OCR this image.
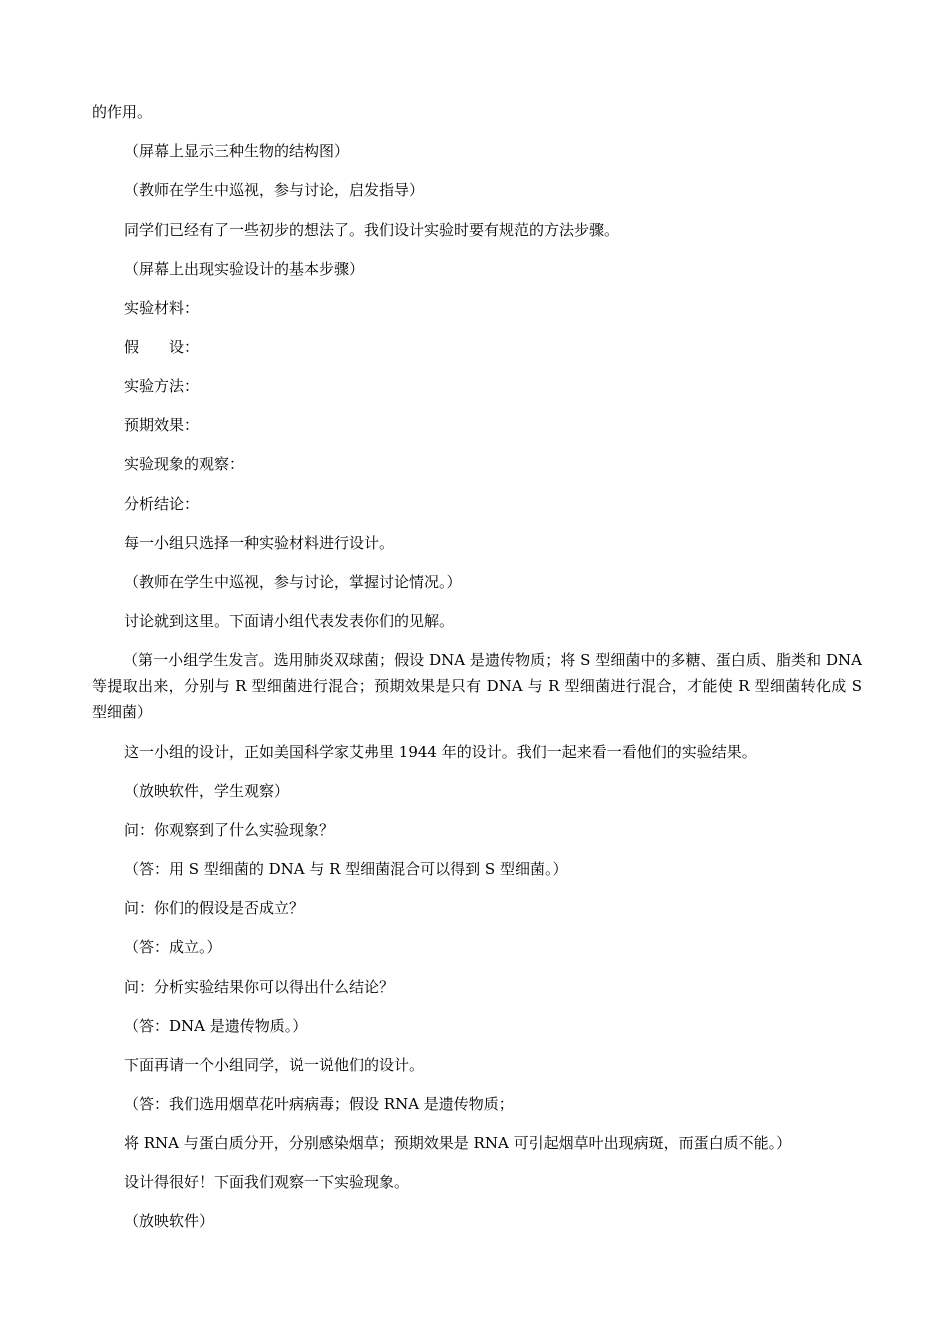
的作用。
（屏幕上显示三种生物的结构图）
（教师在学生中巡视，参与讨论，启发指导）
同学们已经有了一些初步的想法了。我们设计实验时要有规范的方法步骤。
（屏幕上出现实验设计的基本步骤）
实验材料：
假　　设：
实验方法：
预期效果：
实验现象的观察：
分析结论：
每一小组只选择一种实验材料进行设计。
（教师在学生中巡视，参与讨论，掌握讨论情况。）
讨论就到这里。下面请小组代表发表你们的见解。
（第一小组学生发言。选用肺炎双球菌；假设 DNA 是遗传物质；将 S 型细菌中的多糖、蛋白质、脂类和 DNA 等提取出来，分别与 R 型细菌进行混合；预期效果是只有 DNA 与 R 型细菌进行混合，才能使 R 型细菌转化成 S 型细菌）
这一小组的设计，正如美国科学家艾弗里 1944 年的设计。我们一起来看一看他们的实验结果。
（放映软件，学生观察）
问：你观察到了什么实验现象？
（答：用 S 型细菌的 DNA 与 R 型细菌混合可以得到 S 型细菌。）
问：你们的假设是否成立？
（答：成立。）
问：分析实验结果你可以得出什么结论？
（答：DNA 是遗传物质。）
下面再请一个小组同学，说一说他们的设计。
（答：我们选用烟草花叶病病毒；假设 RNA 是遗传物质；
将 RNA 与蛋白质分开，分别感染烟草；预期效果是 RNA 可引起烟草叶出现病斑，而蛋白质不能。）
设计得很好！下面我们观察一下实验现象。
（放映软件）
